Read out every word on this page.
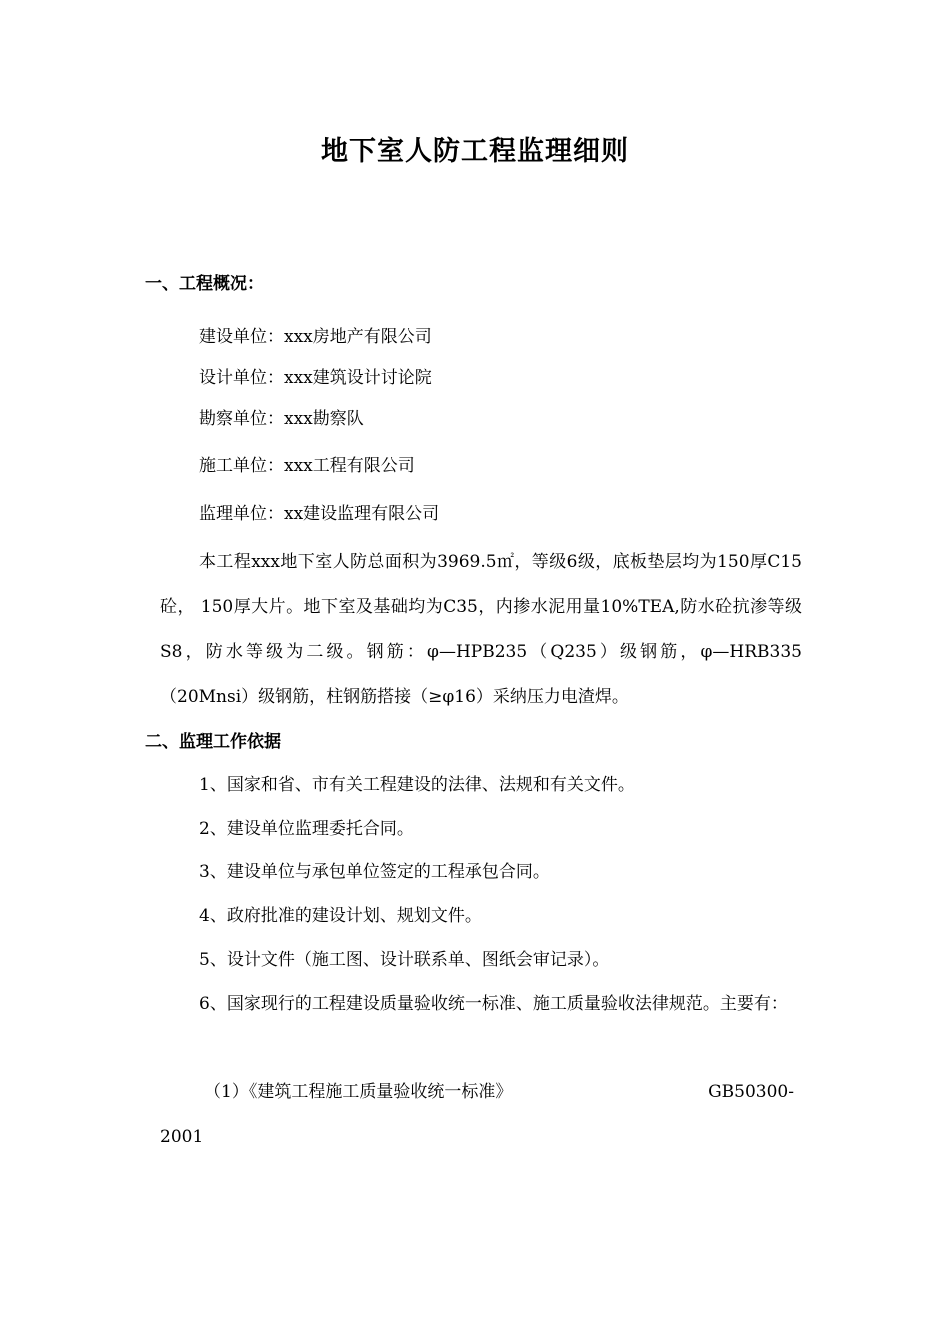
地下室人防工程监理细则
一、工程概况：
建设单位：xxx房地产有限公司
设计单位：xxx建筑设计讨论院
勘察单位：xxx勘察队
施工单位：xxx工程有限公司
监理单位：xx建设监理有限公司
本工程xxx地下室人防总面积为3969.5㎡，等级6级，底板垫层均为150厚C15砼， 150厚大片。地下室及基础均为C35，内掺水泥用量10%TEA,防水砼抗渗等级S8，防水等级为二级。钢筋：φ—HPB235（Q235）级钢筋，φ—HRB335（20Mnsi）级钢筋，柱钢筋搭接（≥φ16）采纳压力电渣焊。
二、监理工作依据
1、国家和省、市有关工程建设的法律、法规和有关文件。
2、建设单位监理委托合同。
3、建设单位与承包单位签定的工程承包合同。
4、政府批准的建设计划、规划文件。
5、设计文件（施工图、设计联系单、图纸会审记录）。
6、国家现行的工程建设质量验收统一标准、施工质量验收法律规范。主要有：
（1）《建筑工程施工质量验收统一标准》	GB50300-
2001
